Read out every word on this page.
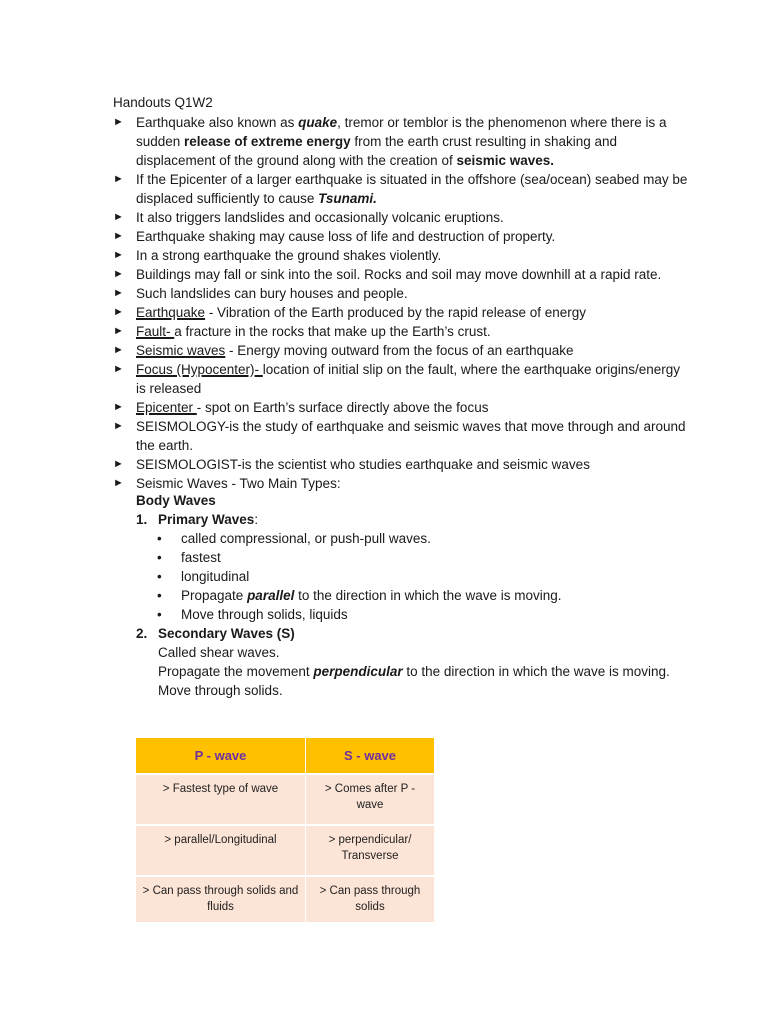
Handouts Q1W2
► Earthquake also known as quake, tremor or temblor is the phenomenon where there is a sudden release of extreme energy from the earth crust resulting in shaking and displacement of the ground along with the creation of seismic waves.
► If the Epicenter of a larger earthquake is situated in the offshore (sea/ocean) seabed may be displaced sufficiently to cause Tsunami.
► It also triggers landslides and occasionally volcanic eruptions.
► Earthquake shaking may cause loss of life and destruction of property.
► In a strong earthquake the ground shakes violently.
► Buildings may fall or sink into the soil. Rocks and soil may move downhill at a rapid rate.
► Such landslides can bury houses and people.
► Earthquake - Vibration of the Earth produced by the rapid release of energy
► Fault- a fracture in the rocks that make up the Earth’s crust.
► Seismic waves - Energy moving outward from the focus of an earthquake
► Focus (Hypocenter)- location of initial slip on the fault, where the earthquake origins/energy is released
► Epicenter - spot on Earth’s surface directly above the focus
► SEISMOLOGY-is the study of earthquake and seismic waves that move through and around the earth.
► SEISMOLOGIST-is the scientist who studies earthquake and seismic waves
► Seismic Waves - Two Main Types:
Body Waves
1. Primary Waves:
• called compressional, or push-pull waves.
• fastest
• longitudinal
• Propagate parallel to the direction in which the wave is moving.
• Move through solids, liquids
2. Secondary Waves (S)
Called shear waves.
Propagate the movement perpendicular to the direction in which the wave is moving.
Move through solids.
P - wave	S - wave
> Fastest type of wave	> Comes after P - wave
> parallel/Longitudinal	> perpendicular/ Transverse
> Can pass through solids and fluids	> Can pass through solids
